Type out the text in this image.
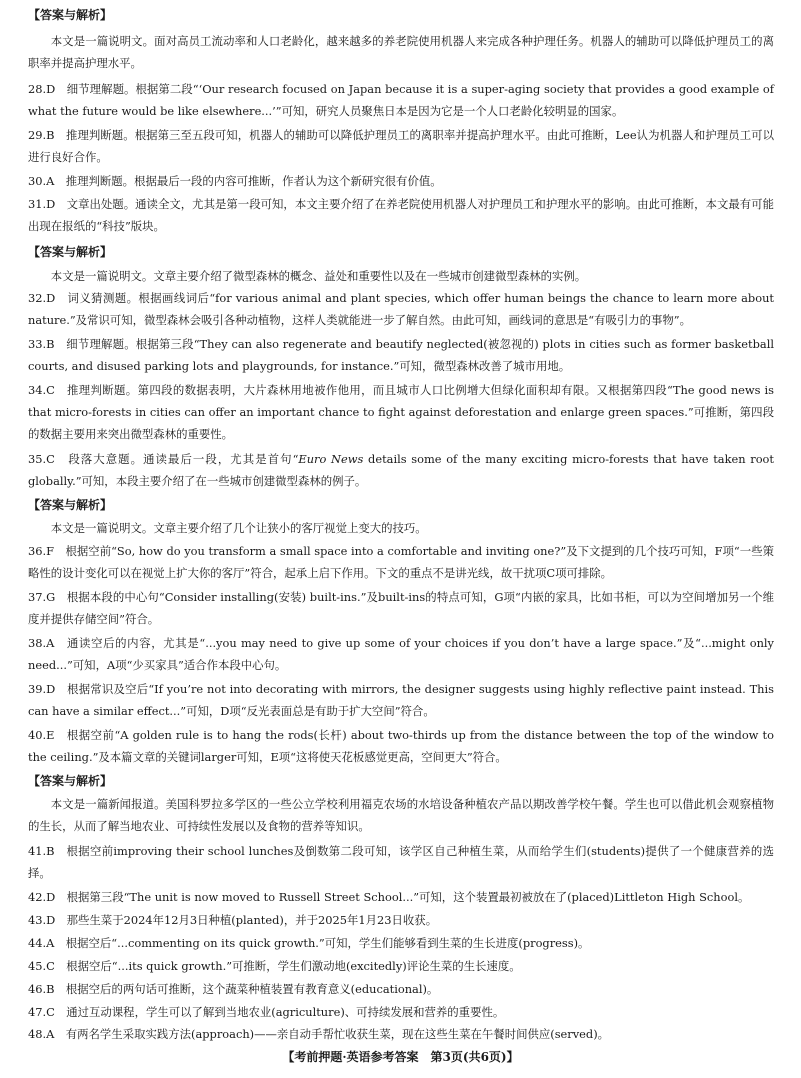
【答案与解析】
本文是一篇说明文。面对高员工流动率和人口老龄化，越来越多的养老院使用机器人来完成各种护理任务。机器人的辅助可以降低护理员工的离职率并提高护理水平。
28.D　细节理解题。根据第二段“‘Our research focused on Japan because it is a super-aging society that provides a good example of what the future would be like elsewhere...’”可知，研究人员聚焦日本是因为它是一个人口老龄化较明显的国家。
29.B　推理判断题。根据第三至五段可知，机器人的辅助可以降低护理员工的离职率并提高护理水平。由此可推断，Lee认为机器人和护理员工可以进行良好合作。
30.A　推理判断题。根据最后一段的内容可推断，作者认为这个新研究很有价值。
31.D　文章出处题。通读全文，尤其是第一段可知，本文主要介绍了在养老院使用机器人对护理员工和护理水平的影响。由此可推断，本文最有可能出现在报纸的“科技”版块。
【答案与解析】
本文是一篇说明文。文章主要介绍了微型森林的概念、益处和重要性以及在一些城市创建微型森林的实例。
32.D　词义猜测题。根据画线词后“for various animal and plant species, which offer human beings the chance to learn more about nature.”及常识可知，微型森林会吸引各种动植物，这样人类就能进一步了解自然。由此可知，画线词的意思是“有吸引力的事物”。
33.B　细节理解题。根据第三段“They can also regenerate and beautify neglected(被忽视的) plots in cities such as former basketball courts, and disused parking lots and playgrounds, for instance.”可知，微型森林改善了城市用地。
34.C　推理判断题。第四段的数据表明，大片森林用地被作他用，而且城市人口比例增大但绿化面积却有限。又根据第四段“The good news is that micro-forests in cities can offer an important chance to fight against deforestation and enlarge green spaces.”可推断，第四段的数据主要用来突出微型森林的重要性。
35.C　段落大意题。通读最后一段，尤其是首句“Euro News details some of the many exciting micro-forests that have taken root globally.”可知，本段主要介绍了在一些城市创建微型森林的例子。
【答案与解析】
本文是一篇说明文。文章主要介绍了几个让狭小的客厅视觉上变大的技巧。
36.F　根据空前“So, how do you transform a small space into a comfortable and inviting one?”及下文提到的几个技巧可知，F项“一些策略性的设计变化可以在视觉上扩大你的客厅”符合，起承上启下作用。下文的重点不是讲光线，故干扰项C项可排除。
37.G　根据本段的中心句“Consider installing(安装) built-ins.”及built-ins的特点可知，G项“内嵌的家具，比如书柜，可以为空间增加另一个维度并提供存储空间”符合。
38.A　通读空后的内容，尤其是“...you may need to give up some of your choices if you don’t have a large space.”及“...might only need...”可知，A项“少买家具”适合作本段中心句。
39.D　根据常识及空后“If you’re not into decorating with mirrors, the designer suggests using highly reflective paint instead. This can have a similar effect...”可知，D项“反光表面总是有助于扩大空间”符合。
40.E　根据空前“A golden rule is to hang the rods(长杆) about two-thirds up from the distance between the top of the window to the ceiling.”及本篇文章的关键词larger可知，E项“这将使天花板感觉更高，空间更大”符合。
【答案与解析】
本文是一篇新闻报道。美国科罗拉多学区的一些公立学校利用福克农场的水培设备种植农产品以期改善学校午餐。学生也可以借此机会观察植物的生长，从而了解当地农业、可持续性发展以及食物的营养等知识。
41.B　根据空前improving their school lunches及倒数第二段可知，该学区自己种植生菜，从而给学生们(students)提供了一个健康营养的选择。
42.D　根据第三段“The unit is now moved to Russell Street School...”可知，这个装置最初被放在了(placed)Littleton High School。
43.D　那些生菜于2024年12月3日种植(planted)，并于2025年1月23日收获。
44.A　根据空后“...commenting on its quick growth.”可知，学生们能够看到生菜的生长进度(progress)。
45.C　根据空后“...its quick growth.”可推断，学生们激动地(excitedly)评论生菜的生长速度。
46.B　根据空后的两句话可推断，这个蔬菜种植装置有教育意义(educational)。
47.C　通过互动课程，学生可以了解到当地农业(agriculture)、可持续发展和营养的重要性。
48.A　有两名学生采取实践方法(approach)——亲自动手帮忙收获生菜，现在这些生菜在午餐时间供应(served)。
【考前押题·英语参考答案　第3页(共6页)】
